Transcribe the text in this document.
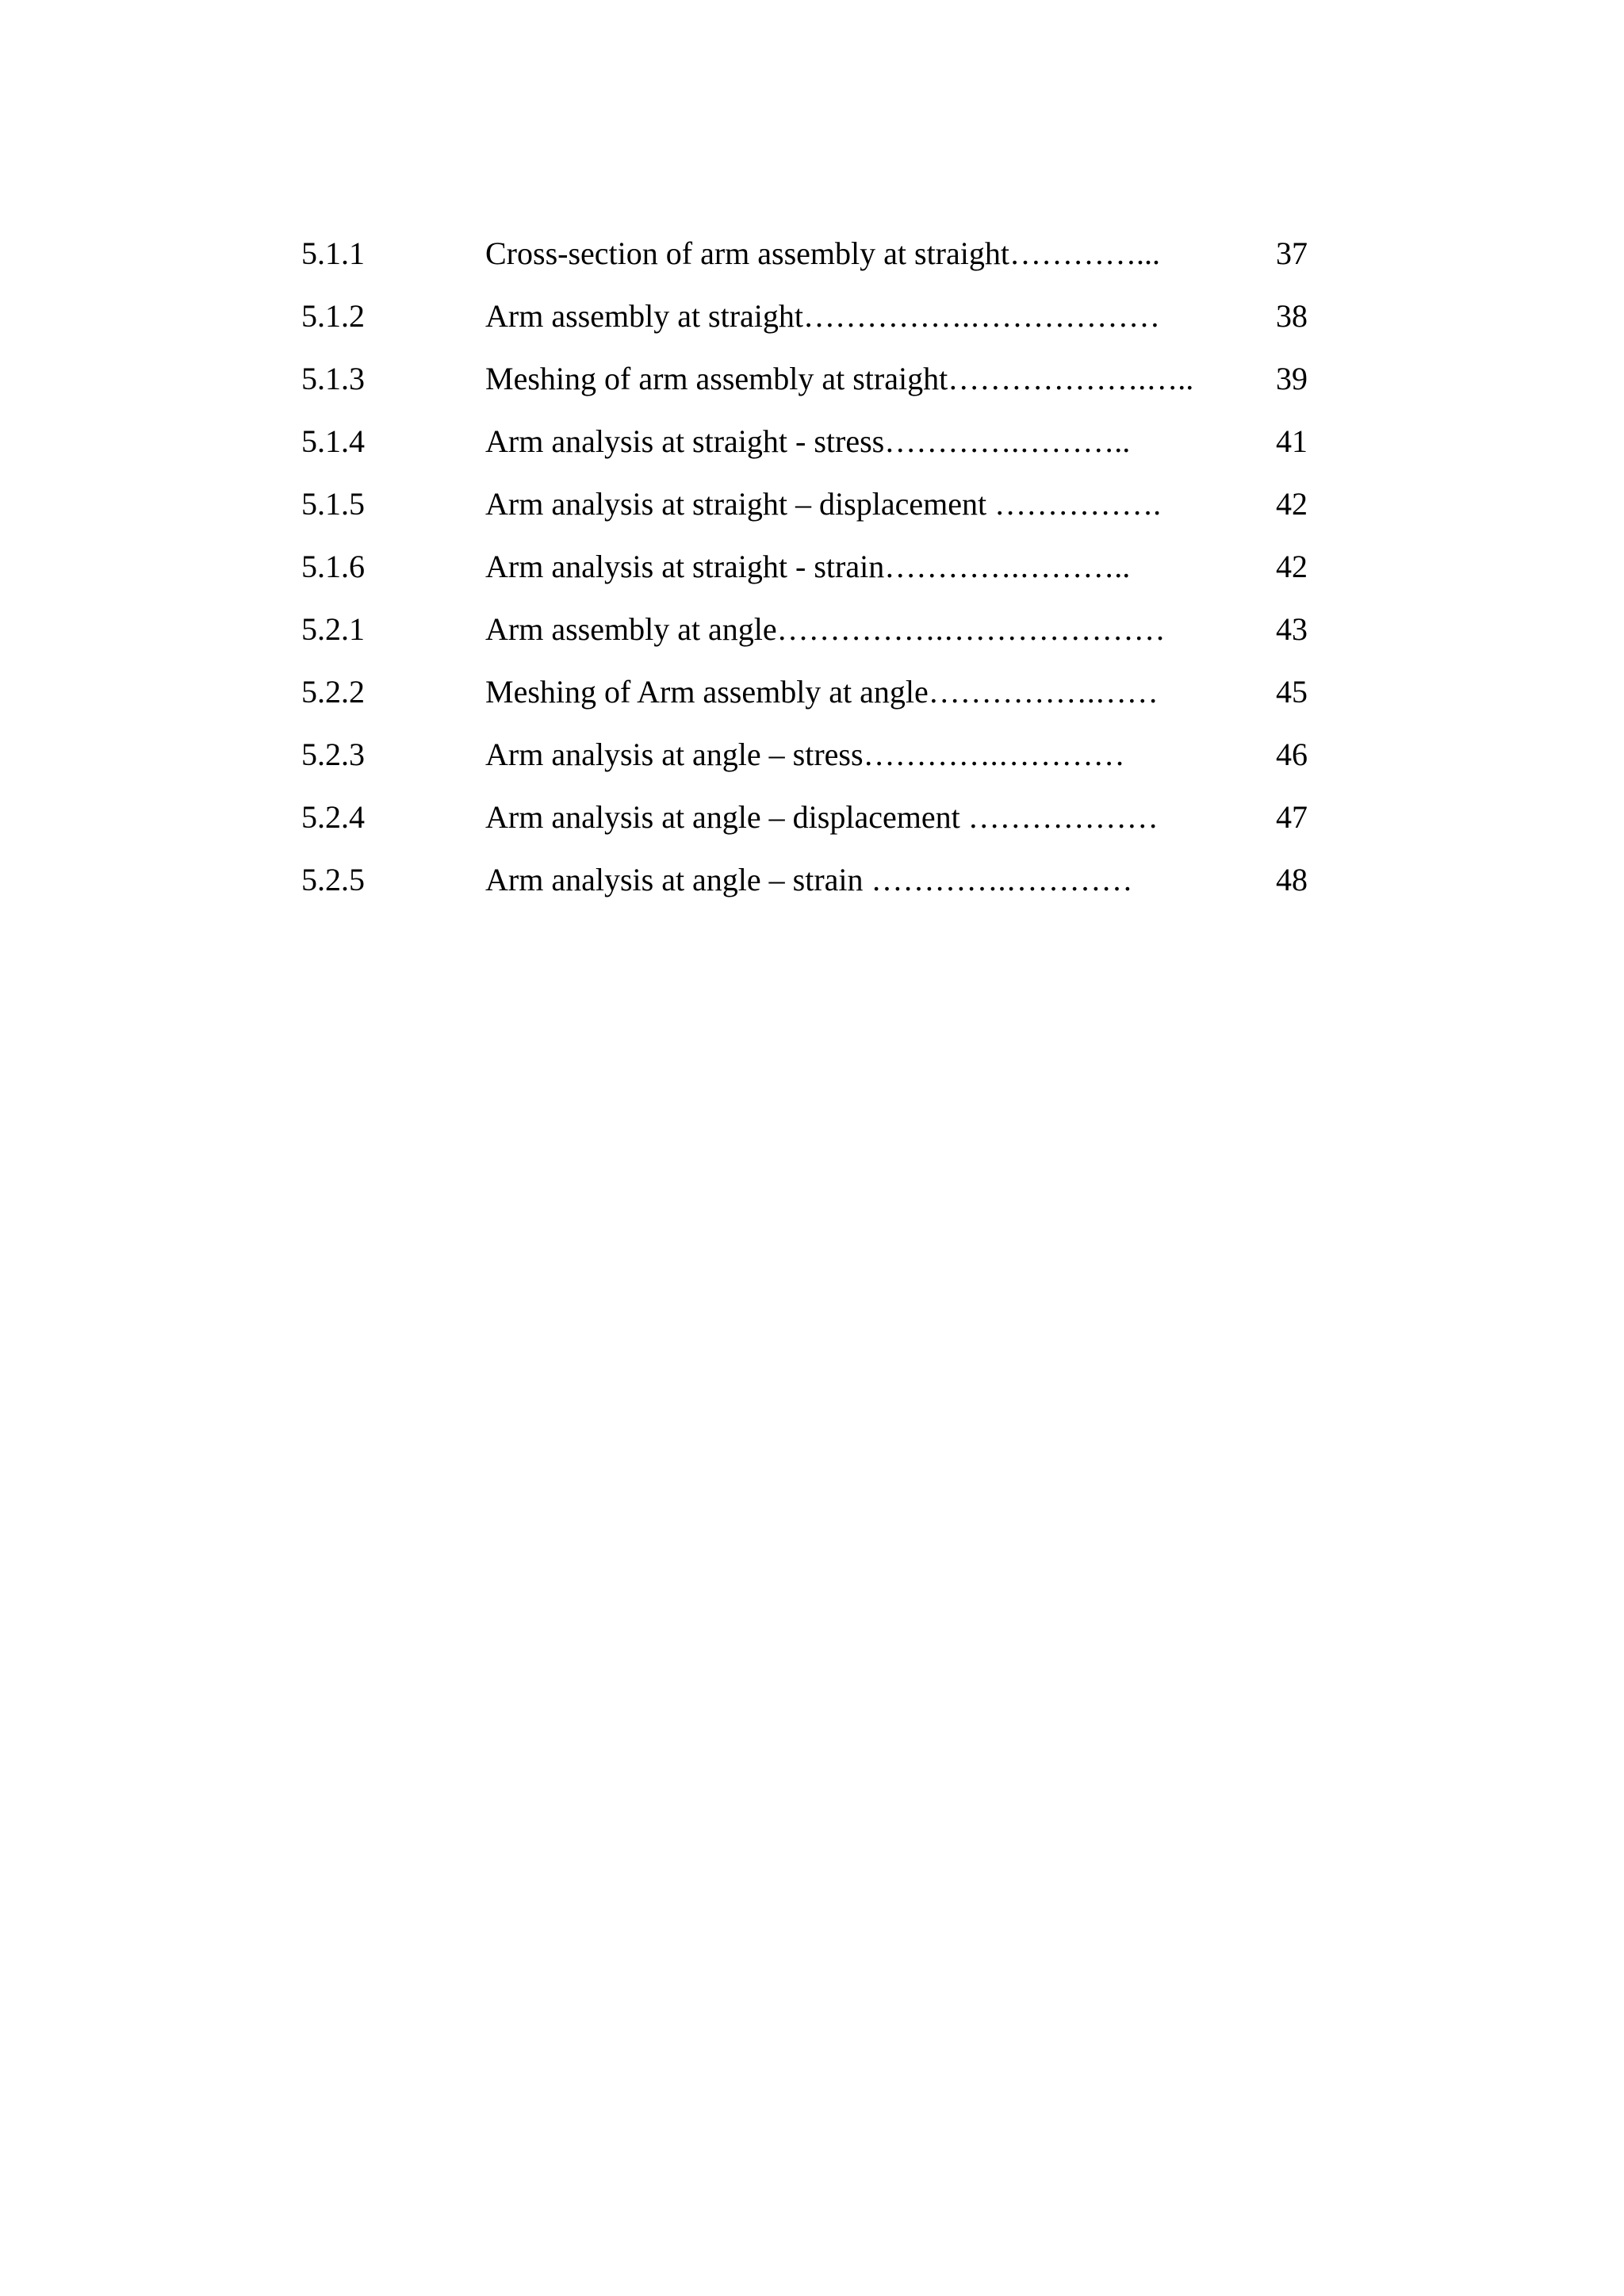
5.1.1	Cross-section of arm assembly at straight…………...	37
5.1.2	Arm assembly at straight…………….………………	38
5.1.3	Meshing of arm assembly at straight……………….…..	39
5.1.4	Arm analysis at straight - stress………….………..	41
5.1.5	Arm analysis at straight – displacement …………….	42
5.1.6	Arm analysis at straight - strain………….………..	42
5.2.1	Arm assembly at angle…………….…………………	43
5.2.2	Meshing of Arm assembly at angle…………….……	45
5.2.3	Arm analysis at angle – stress………….…………	46
5.2.4	Arm analysis at angle – displacement ………………	47
5.2.5	Arm analysis at angle – strain ………….…………	48
